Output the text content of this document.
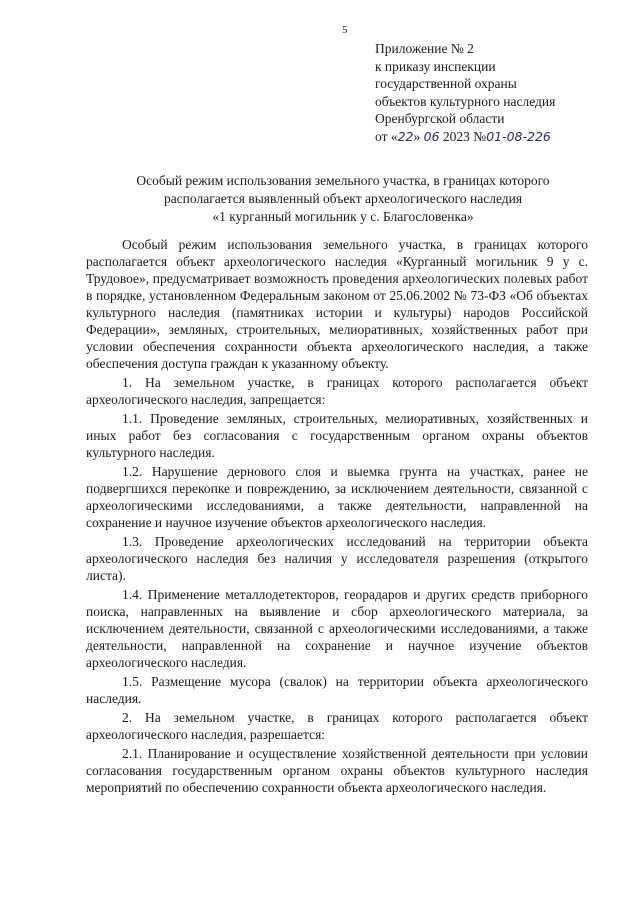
5
Приложение № 2
к приказу инспекции
государственной охраны
объектов культурного наследия
Оренбургской области
от «22» 06 2023 №01-08-226
Особый режим использования земельного участка, в границах которого
располагается выявленный объект археологического наследия
«1 курганный могильник у с. Благословенка»

Особый режим использования земельного участка, в границах которого располагается объект археологического наследия «Курганный могильник 9 у с. Трудовое», предусматривает возможность проведения археологических полевых работ в порядке, установленном Федеральным законом от 25.06.2002 № 73-ФЗ «Об объектах культурного наследия (памятниках истории и культуры) народов Российской Федерации», земляных, строительных, мелиоративных, хозяйственных работ при условии обеспечения сохранности объекта археологического наследия, а также обеспечения доступа граждан к указанному объекту.

1. На земельном участке, в границах которого располагается объект археологического наследия, запрещается:

1.1. Проведение земляных, строительных, мелиоративных, хозяйственных и иных работ без согласования с государственным органом охраны объектов культурного наследия.

1.2. Нарушение дернового слоя и выемка грунта на участках, ранее не подвергшихся перекопке и повреждению, за исключением деятельности, связанной с археологическими исследованиями, а также деятельности, направленной на сохранение и научное изучение объектов археологического наследия.

1.3. Проведение археологических исследований на территории объекта археологического наследия без наличия у исследователя разрешения (открытого листа).

1.4. Применение металлодетекторов, георадаров и других средств приборного поиска, направленных на выявление и сбор археологического материала, за исключением деятельности, связанной с археологическими исследованиями, а также деятельности, направленной на сохранение и научное изучение объектов археологического наследия.

1.5. Размещение мусора (свалок) на территории объекта археологического наследия.

2. На земельном участке, в границах которого располагается объект археологического наследия, разрешается:

2.1. Планирование и осуществление хозяйственной деятельности при условии согласования государственным органом охраны объектов культурного наследия мероприятий по обеспечению сохранности объекта археологического наследия.
